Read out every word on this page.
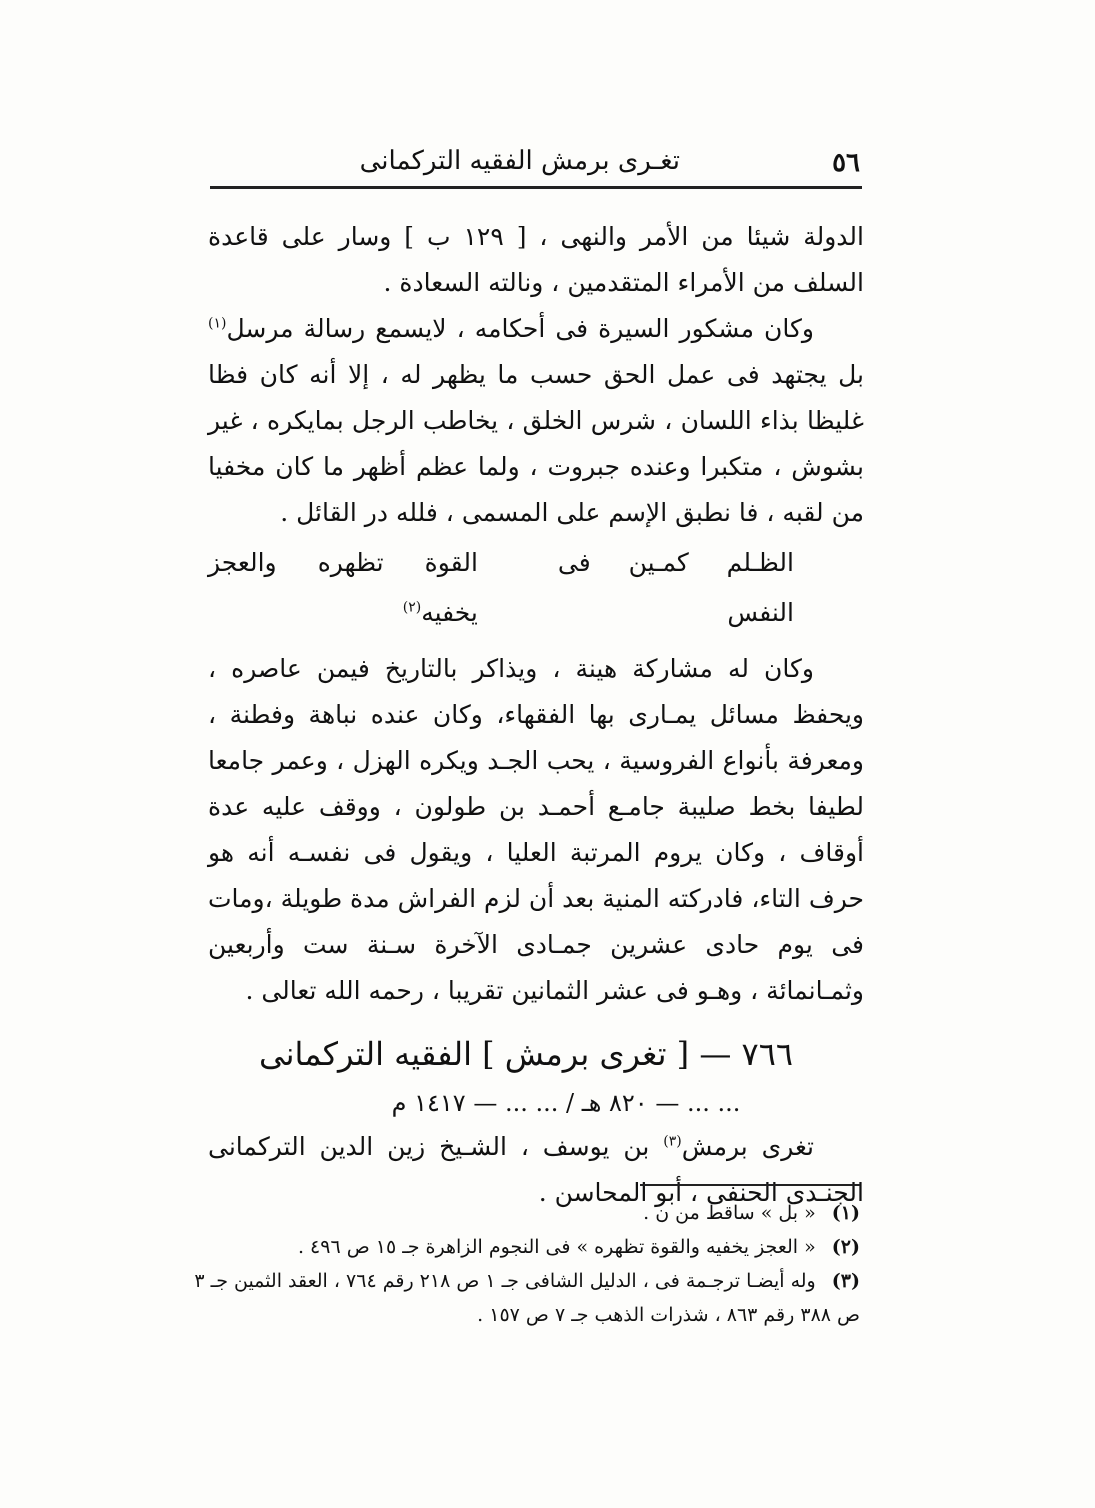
٥٦
تغـرى برمش الفقيه التركمانى

الدولة شيئا من الأمر والنهى ، [ ١٢٩ ب ] وسار على قاعدة السلف من الأمراء المتقدمين ، ونالته السعادة .

وكان مشكور السيرة فى أحكامه ، لايسمع رسالة مرسل$^{(١)}$ بل يجتهد فى عمل الحق حسب ما يظهر له ، إلا أنه كان فظا غليظا بذاء اللسان ، شرس الخلق ، يخاطب الرجل بمايكره ، غير بشوش ، متكبرا وعنده جبروت ، ولما عظم أظهر ما كان مخفيا من لقبه ، فا نطبق الإسم على المسمى ، فلله در القائل .

الظـلم كمـين فى النفس
القوة تظهره والعجز يخفيه$^{(٢)}$

وكان له مشاركة هينة ، ويذاكر بالتاريخ فيمن عاصره ، ويحفظ مسائل يمـارى بها الفقهاء، وكان عنده نباهة وفطنة ، ومعرفة بأنواع الفروسية ، يحب الجـد ويكره الهزل ، وعمر جامعا لطيفا بخط صليبة جامـع أحمـد بن طولون ، ووقف عليه عدة أوقاف ، وكان يروم المرتبة العليا ، ويقول فى نفسـه أنه هو حرف التاء، فادركته المنية بعد أن لزم الفراش مدة طويلة ،ومات فى يوم حادى عشرين جمـادى الآخرة سـنة ست وأربعين وثمـانمائة ، وهـو فى عشر الثمانين تقريبا ، رحمه الله تعالى .

٧٦٦ — [ تغرى برمش ] الفقيه التركمانى
... ... — ٨٢٠ هـ / ... ... — ١٤١٧ م

تغرى برمش$^{(٣)}$ بن يوسف ، الشـيخ زين الدين التركمانى الجنـدى الحنفى ، أبو المحاسن .

(١) « بل » ساقط من ن .

(٢) « العجز يخفيه والقوة تظهره » فى النجوم الزاهرة جـ ١٥ ص ٤٩٦ .

(٣) وله أيضـا ترجـمة فى ، الدليل الشافى جـ ١ ص ٢١٨ رقم ٧٦٤ ، العقد الثمين جـ ٣ ص ٣٨٨ رقم ٨٦٣ ، شذرات الذهب جـ ٧ ص ١٥٧ .
